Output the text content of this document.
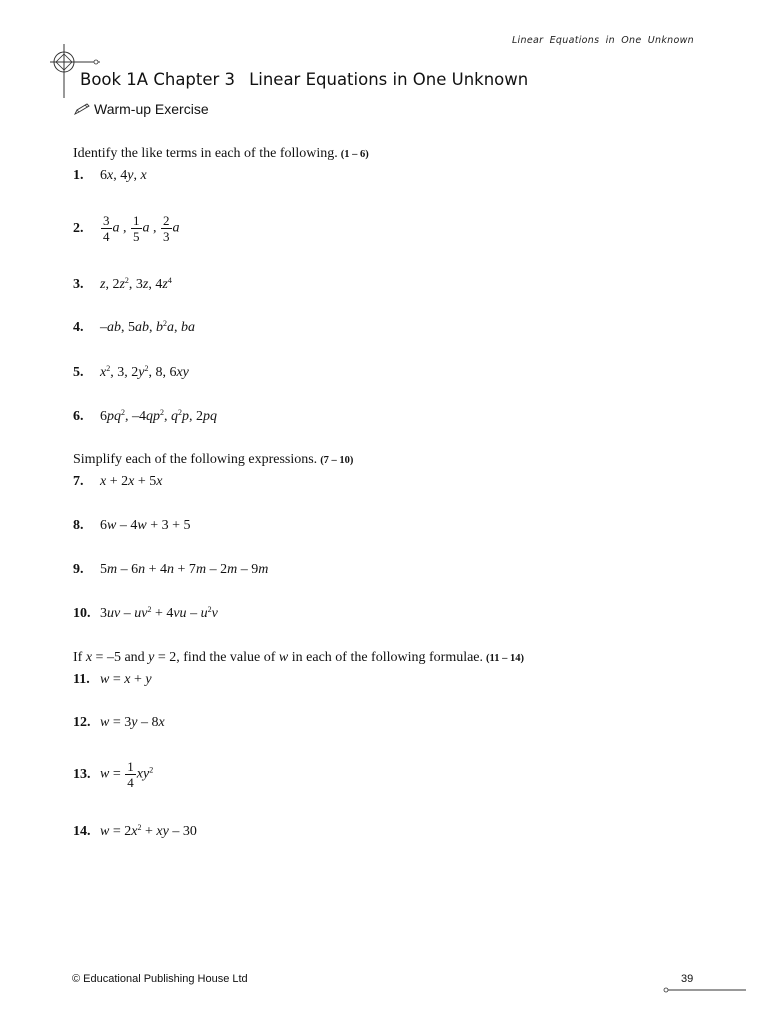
Linear Equations in One Unknown
Book 1A Chapter 3 Linear Equations in One Unknown
Warm-up Exercise
Identify the like terms in each of the following. (1 – 6)
1.	6x, 4y, x
2.	$\frac{3}{4}$ a , $\frac{1}{5}$ a , $\frac{2}{3}$ a
3.	z, $2z^2$, 3z, $4z^4$
4.	–ab, 5ab, $b^2a$, ba
5.	$x^2$, 3, $2y^2$, 8, 6xy
6.	$6pq^2$, $-4qp^2$, $q^2p$, 2pq
Simplify each of the following expressions. (7 – 10)
7.	x + 2x + 5x
8.	6w – 4w + 3 + 5
9.	5m – 6n + 4n + 7m – 2m – 9m
10. $3uv - uv^2 + 4vu - u^2v$
If x = –5 and y = 2, find the value of w in each of the following formulae. (11 – 14)
11. w = x + y
12. w = 3y – 8x
13. $w = \frac{1}{4} xy^2$
14. $w = 2x^2$ + xy – 30
© Educational Publishing House Ltd	39
